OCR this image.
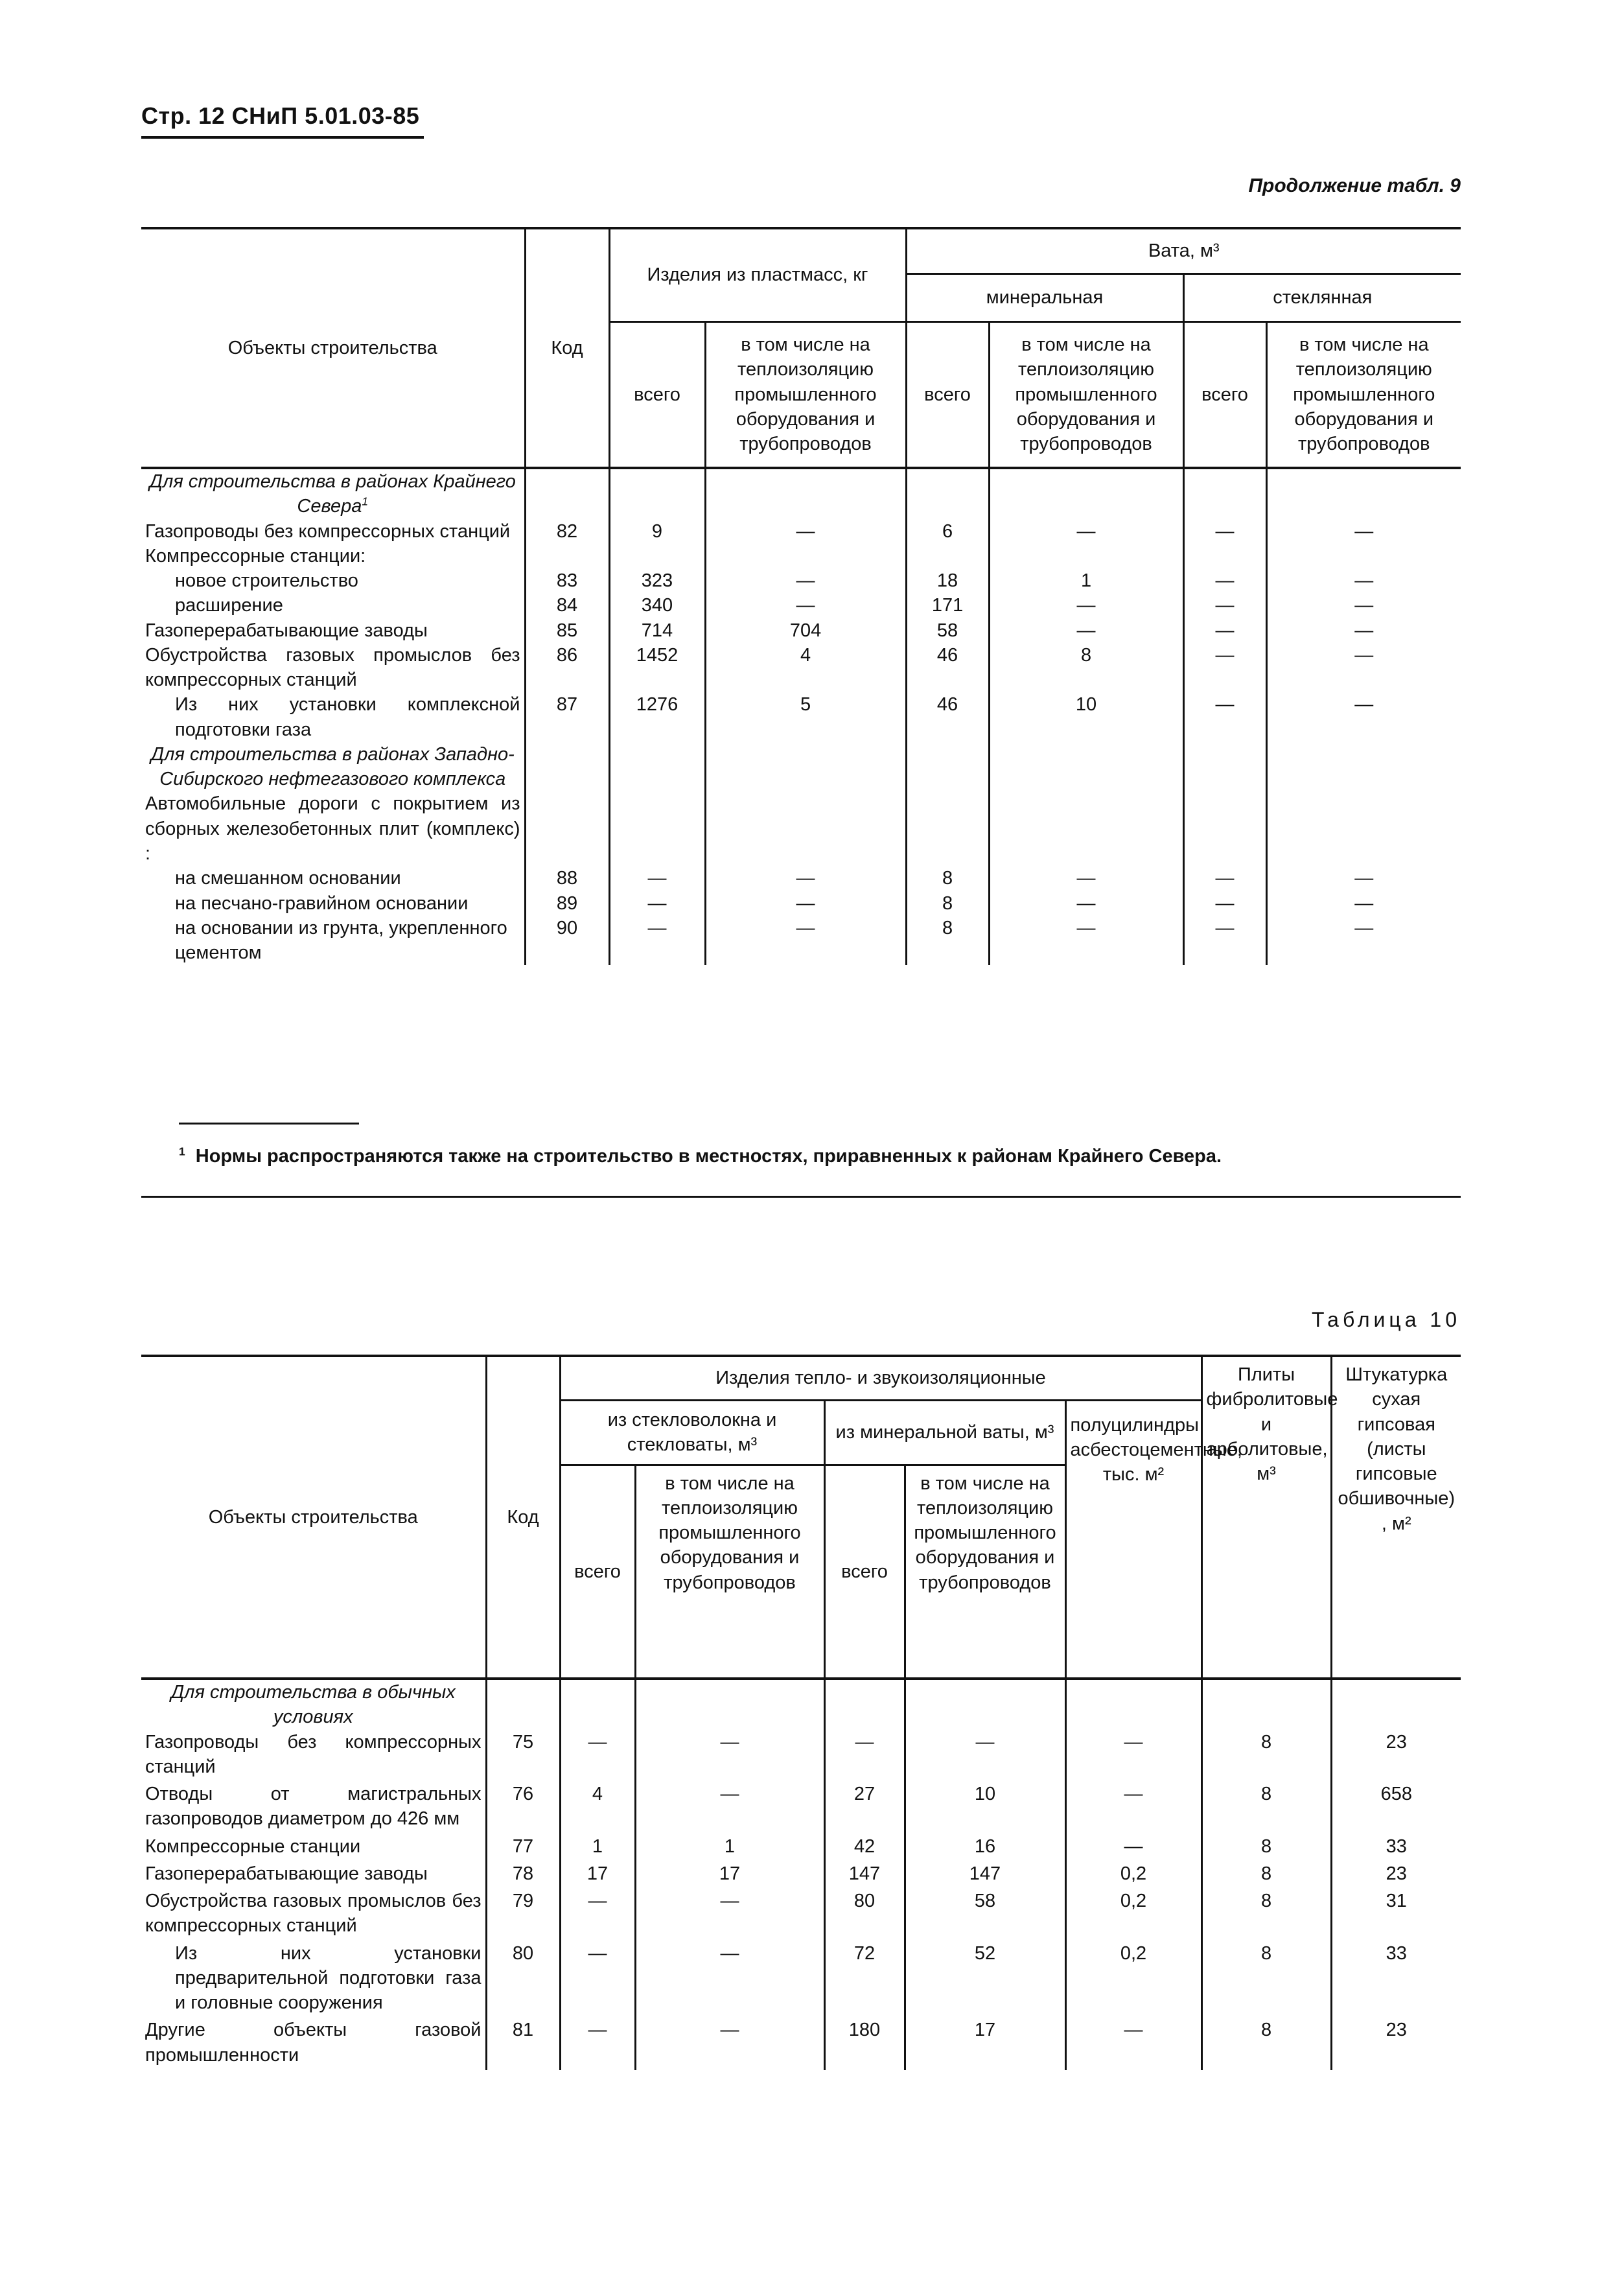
Стр. 12 СНиП 5.01.03-85
Продолжение табл. 9
Объекты строительства	Код	Изделия из пластмасс, кг		Вата, м³			
				минеральная		стеклянная	
		всего	в том числе на теплоизоляцию промышленного оборудования и трубопроводов	всего	в том числе на теплоизоляцию промышленного оборудования и трубопроводов	всего	в том числе на теплоизоляцию промышленного оборудования и трубопроводов
Для строительства в районах Крайнего Севера$^1$							
Газопроводы без компрессорных станций	82	9	—	6	—	—	—
Компрессорные станции:							
новое строительство	83	323	—	18	1	—	—
расширение	84	340	—	171	—	—	—
Газоперерабатывающие заводы	85	714	704	58	—	—	—
Обустройства газовых промыслов без компрессорных станций	86	1452	4	46	8	—	—
Из них установки комплексной подготовки газа	87	1276	5	46	10	—	—
Для строительства в районах Западно-Сибирского нефтегазового комплекса							
Автомобильные дороги с покрытием из сборных железобетонных плит (комплекс) :							
на смешанном основании	88	—	—	8	—	—	—
на песчано-гравийном основании	89	—	—	8	—	—	—
на основании из грунта, укрепленного цементом	90	—	—	8	—	—	—
$^1$ Нормы распространяются также на строительство в местностях, приравненных к районам Крайнего Севера.
Таблица 10
Объекты строительства	Код	Изделия тепло- и звукоизоляционные					Плиты фибролитовые и арболитовые, м³	Штукатурка сухая гипсовая (листы гипсовые обшивочные) , м²
		из стекловолокна и стекловаты, м³		из минеральной ваты, м³		полуцилиндры асбестоцементные, тыс. м²		
		всего	в том числе на теплоизоляцию промышленного оборудования и трубопроводов	всего	в том числе на теплоизоляцию промышленного оборудования и трубопроводов			
Для строительства в обычных условиях								
Газопроводы без компрессорных станций	75	—	—	—	—	—	8	23
Отводы от магистральных газопроводов диаметром до 426 мм	76	4	—	27	10	—	8	658
Компрессорные станции	77	1	1	42	16	—	8	33
Газоперерабатывающие заводы	78	17	17	147	147	0,2	8	23
Обустройства газовых промыслов без компрессорных станций	79	—	—	80	58	0,2	8	31
Из них установки предварительной подготовки газа и головные сооружения	80	—	—	72	52	0,2	8	33
Другие объекты газовой промышленности	81	—	—	180	17	—	8	23
